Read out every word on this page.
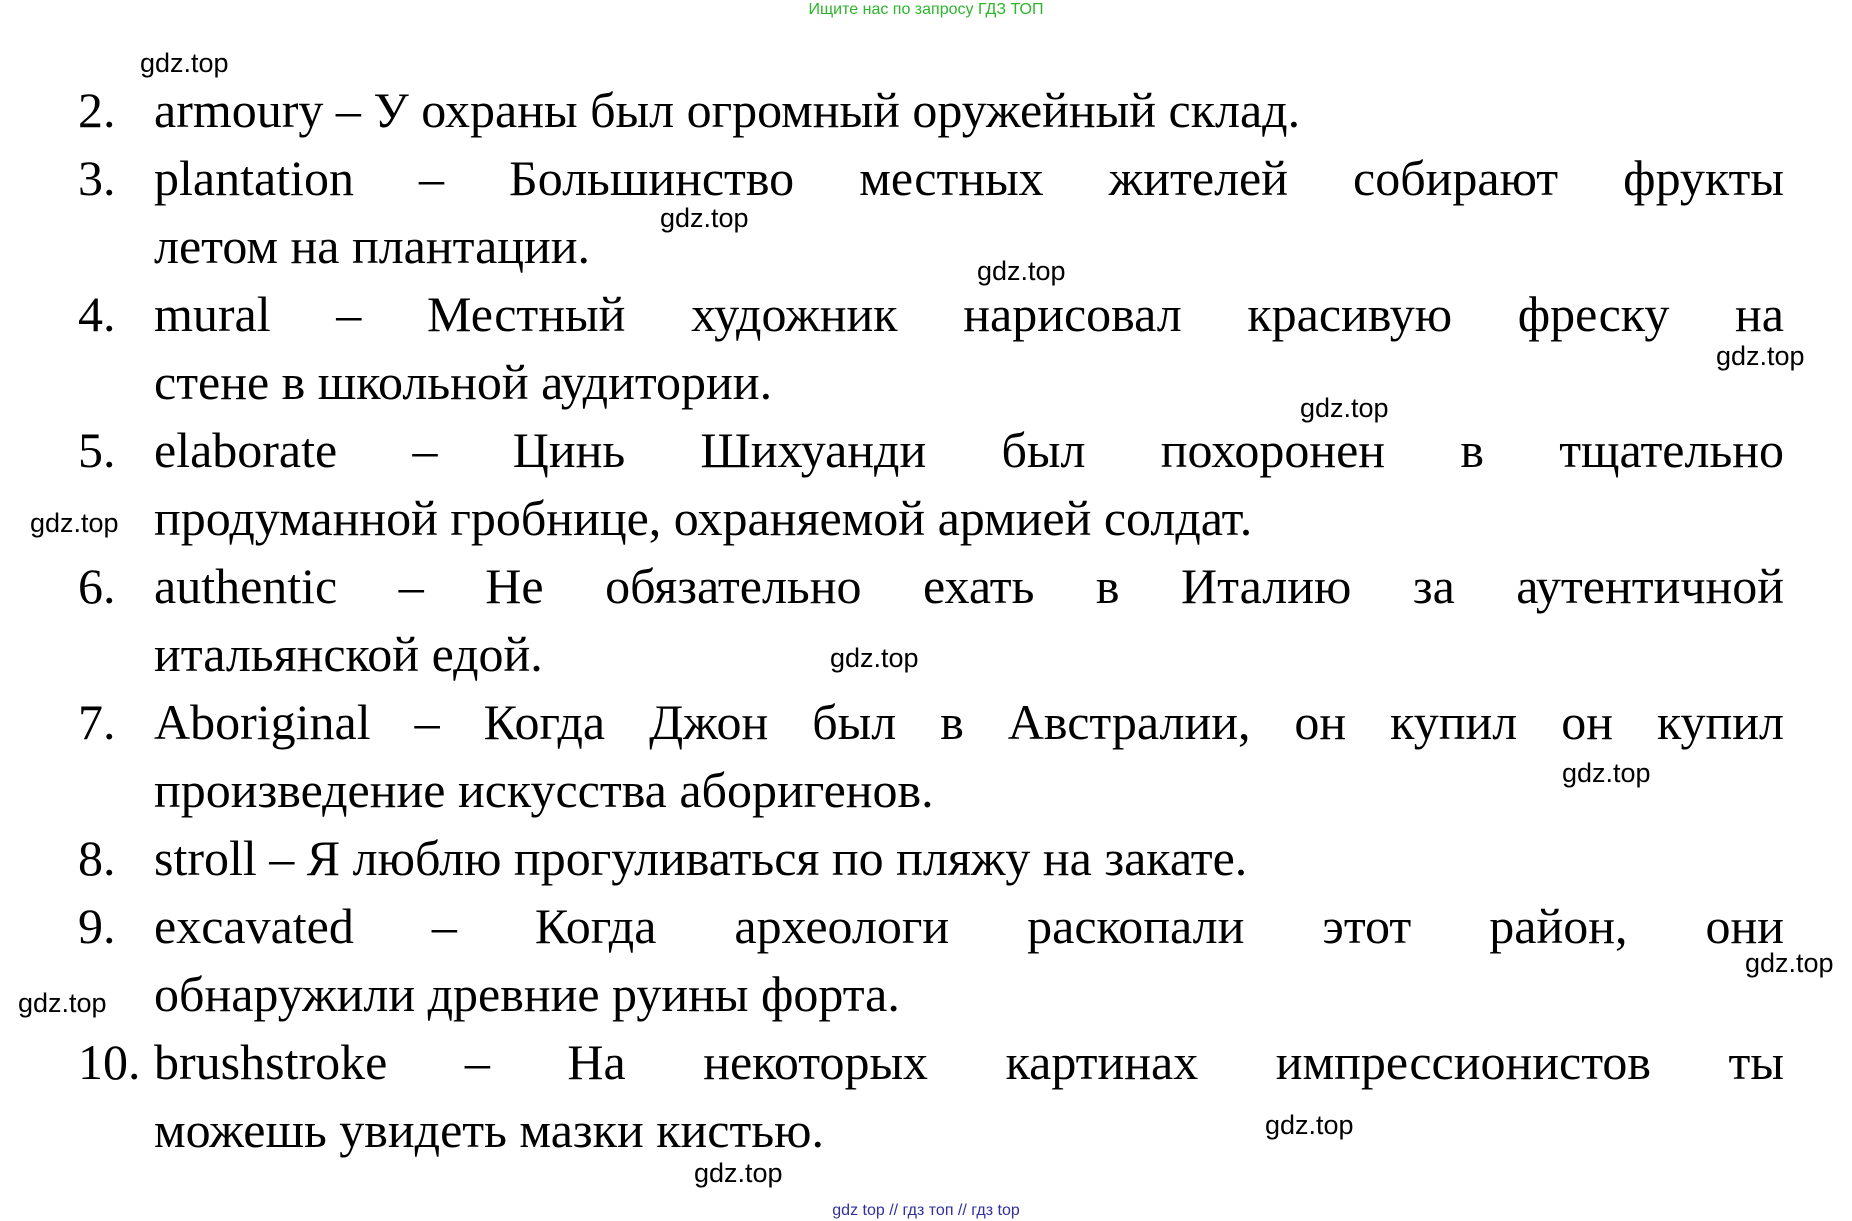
Ищите нас по запросу ГДЗ ТОП
2. armoury – У охраны был огромный оружейный склад.
3. plantation – Большинство местных жителей собирают фрукты
летом на плантации.
4. mural – Местный художник нарисовал красивую фреску на
стене в школьной аудитории.
5. elaborate – Цинь Шихуанди был похоронен в тщательно
продуманной гробнице, охраняемой армией солдат.
6. authentic – Не обязательно ехать в Италию за аутентичной
итальянской едой.
7. Aboriginal – Когда Джон был в Австралии, он купил он купил
произведение искусства аборигенов.
8. stroll – Я люблю прогуливаться по пляжу на закате.
9. excavated – Когда археологи раскопали этот район, они
обнаружили древние руины форта.
10. brushstroke – На некоторых картинах импрессионистов ты
можешь увидеть мазки кистью.
gdz.top
gdz.top
gdz.top
gdz.top
gdz.top
gdz.top
gdz.top
gdz.top
gdz.top
gdz.top
gdz.top
gdz.top
gdz top // гдз топ // гдз top
